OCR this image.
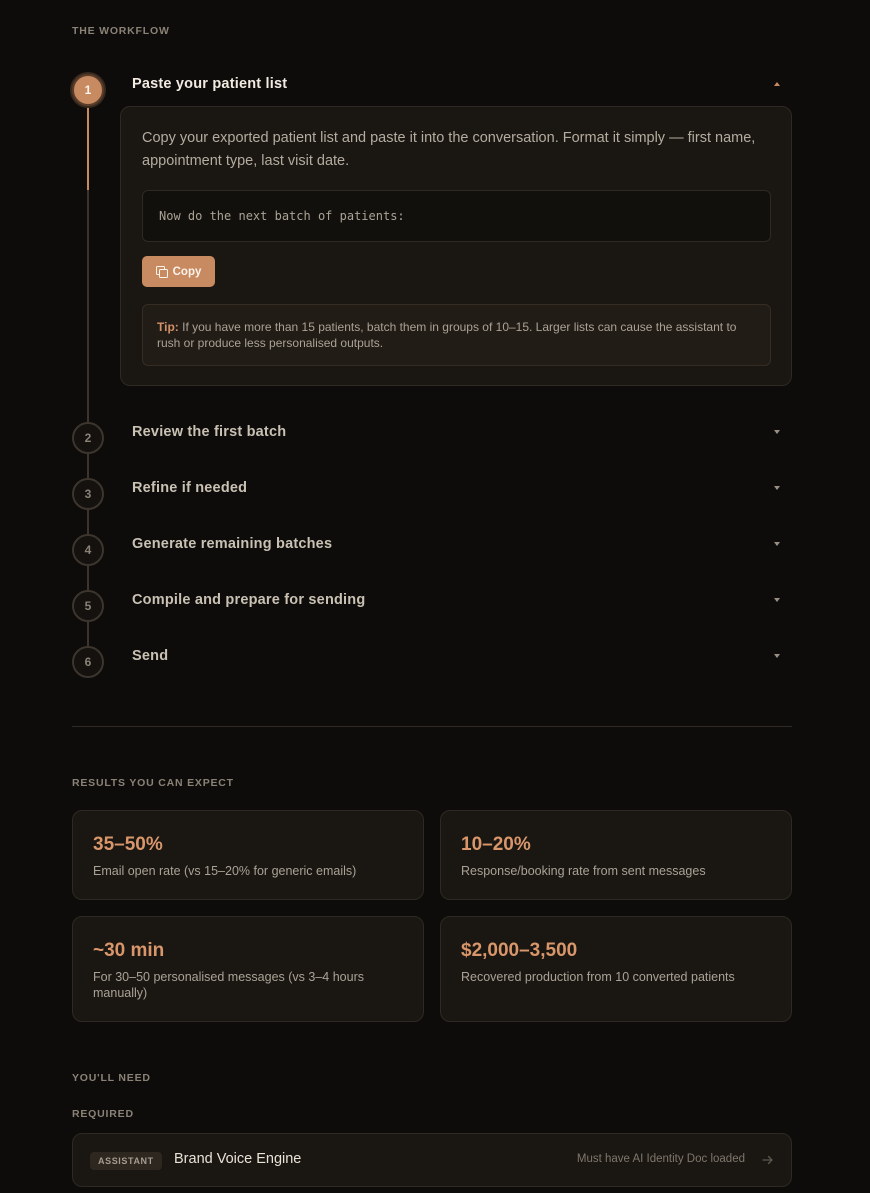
THE WORKFLOW
1	Paste your patient list
Copy your exported patient list and paste it into the conversation. Format it simply — first name, appointment type, last visit date.
Now do the next batch of patients:
Copy
Tip: If you have more than 15 patients, batch them in groups of 10–15. Larger lists can cause the assistant to rush or produce less personalised outputs.
2	Review the first batch
3	Refine if needed
4	Generate remaining batches
5	Compile and prepare for sending
6	Send
RESULTS YOU CAN EXPECT
35–50%
Email open rate (vs 15–20% for generic emails)
10–20%
Response/booking rate from sent messages
~30 min
For 30–50 personalised messages (vs 3–4 hours manually)
$2,000–3,500
Recovered production from 10 converted patients
YOU'LL NEED
REQUIRED
ASSISTANT	Brand Voice Engine	Must have AI Identity Doc loaded
